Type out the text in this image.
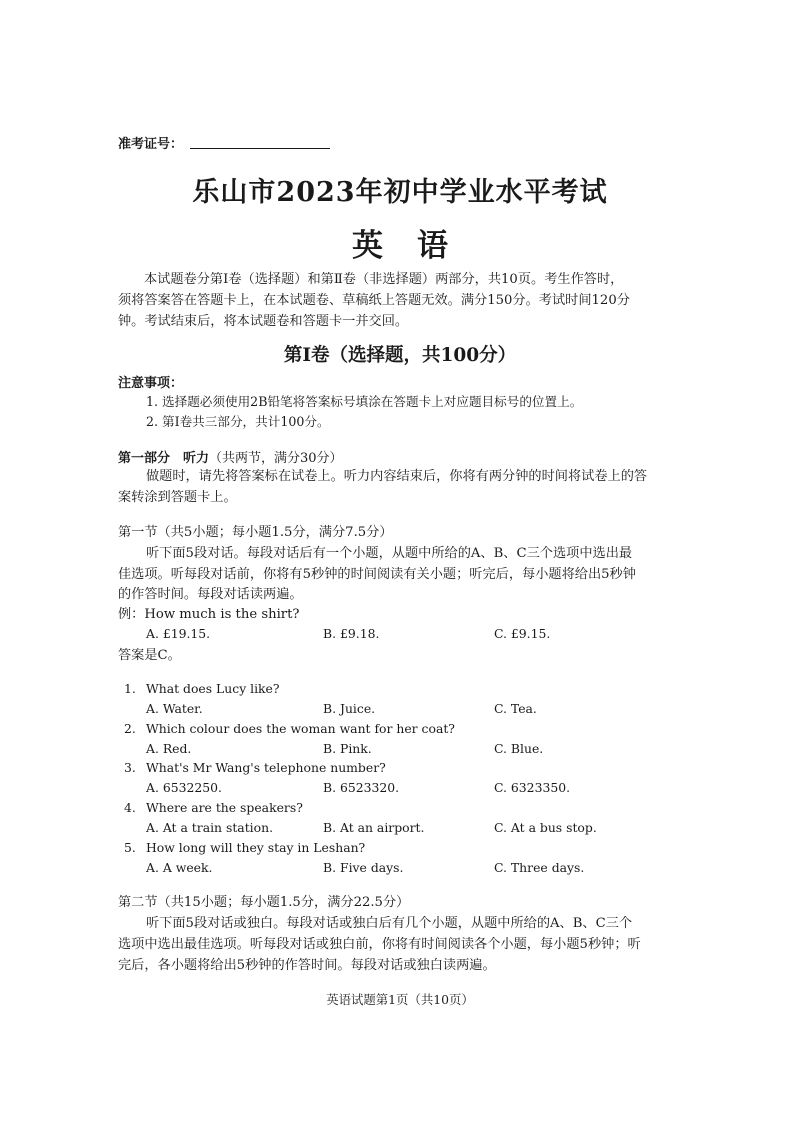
准考证号：
乐山市2023年初中学业水平考试
英语
本试题卷分第Ⅰ卷（选择题）和第Ⅱ卷（非选择题）两部分，共10页。考生作答时，
须将答案答在答题卡上，在本试题卷、草稿纸上答题无效。满分150分。考试时间120分
钟。考试结束后，将本试题卷和答题卡一并交回。
第Ⅰ卷（选择题，共100分）
注意事项：
1. 选择题必须使用2B铅笔将答案标号填涂在答题卡上对应题目标号的位置上。
2. 第Ⅰ卷共三部分，共计100分。
第一部分　听力（共两节，满分30分）
做题时，请先将答案标在试卷上。听力内容结束后，你将有两分钟的时间将试卷上的答
案转涂到答题卡上。
第一节（共5小题；每小题1.5分，满分7.5分）
听下面5段对话。每段对话后有一个小题，从题中所给的A、B、C三个选项中选出最
佳选项。听每段对话前，你将有5秒钟的时间阅读有关小题；听完后，每小题将给出5秒钟
的作答时间。每段对话读两遍。
例：How much is the shirt?
A. £19.15.	B. £9.18.	C. £9.15.
答案是C。
1. What does Lucy like?
A. Water.	B. Juice.	C. Tea.
2. Which colour does the woman want for her coat?
A. Red.	B. Pink.	C. Blue.
3. What's Mr Wang's telephone number?
A. 6532250.	B. 6523320.	C. 6323350.
4. Where are the speakers?
A. At a train station.	B. At an airport.	C. At a bus stop.
5. How long will they stay in Leshan?
A. A week.	B. Five days.	C. Three days.
第二节（共15小题；每小题1.5分，满分22.5分）
听下面5段对话或独白。每段对话或独白后有几个小题，从题中所给的A、B、C三个
选项中选出最佳选项。听每段对话或独白前，你将有时间阅读各个小题，每小题5秒钟；听
完后，各小题将给出5秒钟的作答时间。每段对话或独白读两遍。
英语试题第1页（共10页）
